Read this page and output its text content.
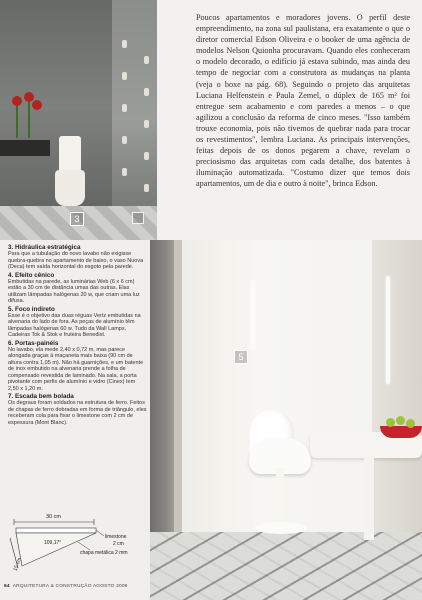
3

Poucos apartamentos e moradores jovens. O perfil deste empreendimento, na zona sul paulistana, era exatamente o que o diretor comercial Edson Oliveira e o booker de uma agência de modelos Nelson Quionha procuravam. Quando eles conheceram o modelo decorado, o edifício já estava subindo, mas ainda deu tempo de negociar com a construtora as mudanças na planta (veja o boxe na pág. 68). Seguindo o projeto das arquitetas Luciana Helfenstein e Paula Zemel, o dúplex de 165 m² foi entregue sem acabamento e com paredes a menos – o que agilizou a conclusão da reforma de cinco meses. "Isso também trouxe economia, pois não tivemos de quebrar nada para trocar os revestimentos", lembra Luciana. As principais intervenções, feitas depois de os donos pegarem a chave, revelam o preciosismo das arquitetas com cada detalhe, dos batentes à iluminação automatizada. "Costumo dizer que temos dois apartamentos, um de dia e outro à noite", brinca Edson.

3. Hidráulica estratégica

Para que a tubulação do novo lavabo não exigisse quebra-quebra no apartamento de baixo, o vaso Nuova (Deca) tem saída horizontal do esgoto pela parede.

4. Efeito cênico

Embutidas na parede, as luminárias Web (6 x 6 cm) estão a 30 cm de distância umas das outras. Elas utilizam lâmpadas halógenas 20 w, que criam uma luz difusa.

5. Foco indireto

Esse é o objetivo das duas réguas Vertz embutidas na alvenaria do lado de fora. As peças de alumínio têm lâmpadas halógenas 60 w. Tudo da Wall Lamps. Cadeiras Tok & Stok e fruteira Benedixt.

6. Portas-painéis

No lavabo, ela mede 2,40 x 0,72 m, mas parece alongada graças à maçaneta mais baixa (90 cm de altura contra 1,05 m). Não há guarnições, e um batente de inox embutido na alvenaria prende a folha de compensado revestida de laminado. Na sala, a porta pivotante com perfis de alumínio e vidro (Cinex) tem 2,50 x 1,20 m.

7. Escada bem bolada

Os degraus foram soldados na estrutura de ferro. Feitos de chapas de ferro dobradas em forma de triângulo, eles receberam cola para fixar o limestone com 2 cm de espessura (Mont Blanc).

30 cm
15 cm
109,17°
limestone
2 cm
chapa metálica 2 mm
5
64 ARQUITETURA & CONSTRUÇÃO AGOSTO 2009
